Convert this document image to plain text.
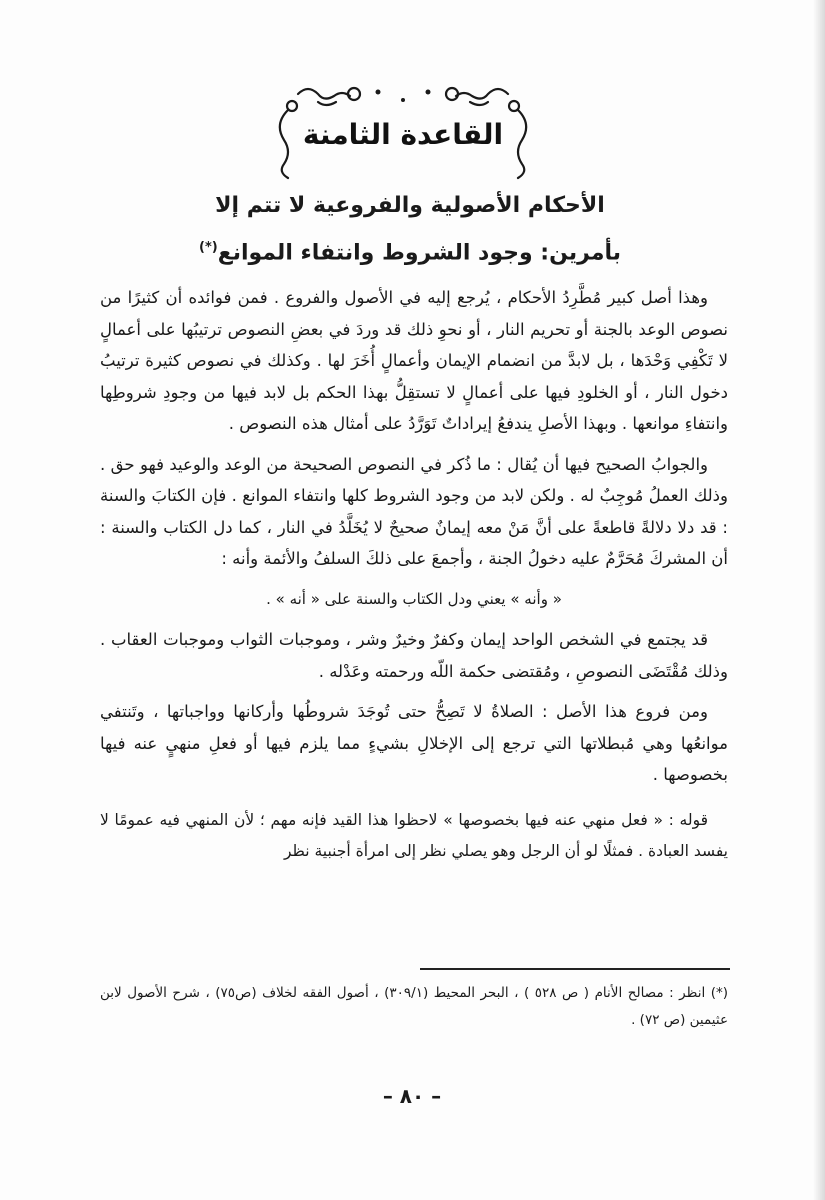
القاعدة الثامنة
الأحكام الأصولية والفروعية لا تتم إلا
بأمرين: وجود الشروط وانتفاء الموانع(*)

وهذا أصل كبير مُطَّرِدُ الأحكام ، يُرجع إليه في الأصول والفروع . فمن فوائده أن كثيرًا من نصوص الوعد بالجنة أو تحريم النار ، أو نحوِ ذلك قد وردَ في بعضِ النصوص ترتيبُها على أعمالٍ لا تَكْفِي وَحْدَها ، بل لابدَّ من انضمام الإيمان وأعمالٍ أُخَرَ لها . وكذلك في نصوص كثيرة ترتيبُ دخول النار ، أو الخلودِ فيها على أعمالٍ لا تستقِلُّ بهذا الحكم بل لابد فيها من وجودِ شروطِها وانتفاءِ موانعها . وبهذا الأصلِ يندفعُ إيراداتٌ تَوَرَّدُ على أمثال هذه النصوص .

والجوابُ الصحيح فيها أن يُقال : ما ذُكر في النصوص الصحيحة من الوعد والوعيد فهو حق . وذلك العملُ مُوجِبٌ له . ولكن لابد من وجود الشروط كلها وانتفاء الموانع . فإن الكتابَ والسنة : قد دلا دلالةً قاطعةً على أنَّ مَنْ معه إيمانٌ صحيحٌ لا يُخَلَّدُ في النار ، كما دل الكتاب والسنة : أن المشركَ مُحَرَّمٌ عليه دخولُ الجنة ، وأجمعَ على ذلكَ السلفُ والأئمة وأنه :

« وأنه » يعني ودل الكتاب والسنة على « أنه » .

قد يجتمع في الشخص الواحد إيمان وكفرٌ وخيرٌ وشر ، وموجبات الثواب وموجبات العقاب . وذلك مُقْتَضَى النصوصِ ، ومُقتضى حكمة اللّه ورحمته وعَدْله .

ومن فروع هذا الأصل : الصلاةُ لا تَصِحُّ حتى تُوجَدَ شروطُها وأركانها وواجباتها ، وتَنتفي موانعُها وهي مُبطلاتها التي ترجع إلى الإخلالِ بشيءٍ مما يلزم فيها أو فعلِ منهيٍ عنه فيها بخصوصها .

قوله : « فعل منهي عنه فيها بخصوصها » لاحظوا هذا القيد فإنه مهم ؛ لأن المنهي فيه عمومًا لا يفسد العبادة . فمثلًا لو أن الرجل وهو يصلي نظر إلى امرأة أجنبية نظر

(*) انظر : مصالح الأنام ( ص ٥٢٨ ) ، البحر المحيط (٣٠٩/١) ، أصول الفقه لخلاف (ص٧٥) ، شرح الأصول لابن عثيمين (ص ٧٢) .
– ٨٠ –
